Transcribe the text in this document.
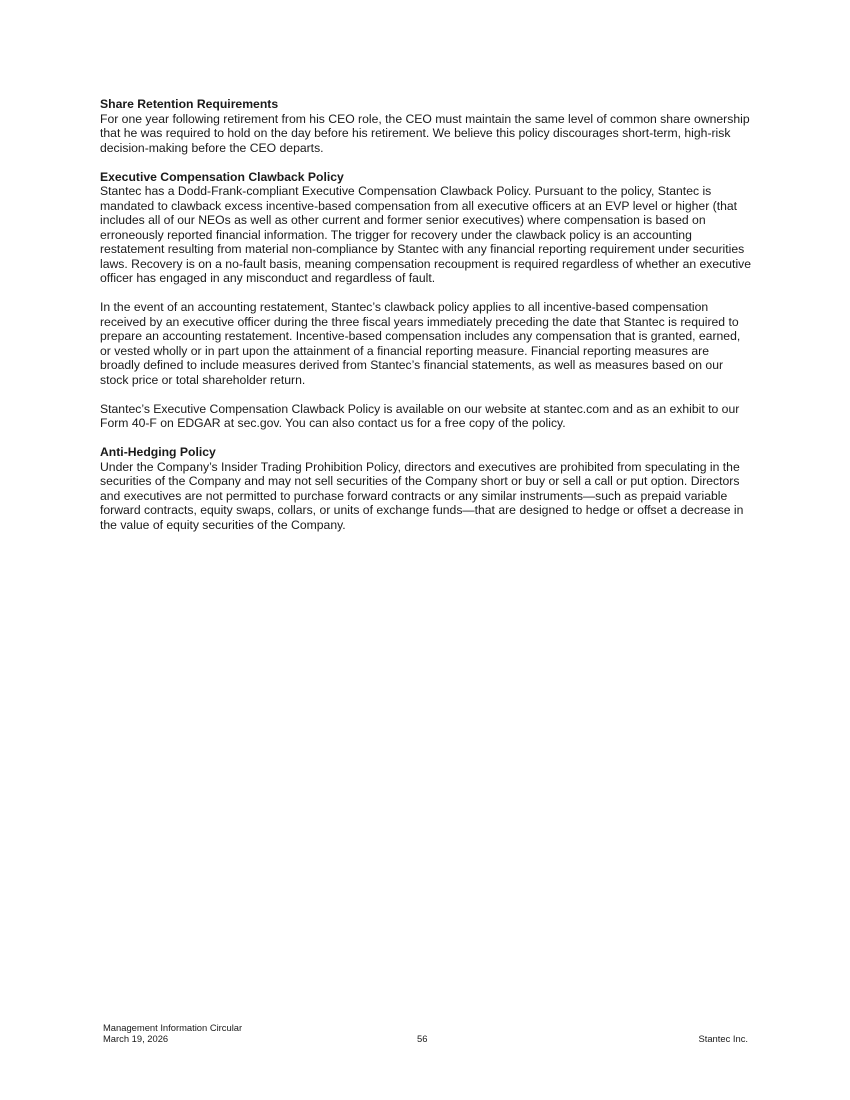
Share Retention Requirements

For one year following retirement from his CEO role, the CEO must maintain the same level of common share ownership that he was required to hold on the day before his retirement. We believe this policy discourages short-term, high-risk decision-making before the CEO departs.

Executive Compensation Clawback Policy

Stantec has a Dodd-Frank-compliant Executive Compensation Clawback Policy. Pursuant to the policy, Stantec is mandated to clawback excess incentive-based compensation from all executive officers at an EVP level or higher (that includes all of our NEOs as well as other current and former senior executives) where compensation is based on erroneously reported financial information. The trigger for recovery under the clawback policy is an accounting restatement resulting from material non-compliance by Stantec with any financial reporting requirement under securities laws. Recovery is on a no-fault basis, meaning compensation recoupment is required regardless of whether an executive officer has engaged in any misconduct and regardless of fault.

In the event of an accounting restatement, Stantec’s clawback policy applies to all incentive-based compensation received by an executive officer during the three fiscal years immediately preceding the date that Stantec is required to prepare an accounting restatement. Incentive-based compensation includes any compensation that is granted, earned, or vested wholly or in part upon the attainment of a financial reporting measure. Financial reporting measures are broadly defined to include measures derived from Stantec’s financial statements, as well as measures based on our stock price or total shareholder return.

Stantec’s Executive Compensation Clawback Policy is available on our website at stantec.com and as an exhibit to our Form 40-F on EDGAR at sec.gov. You can also contact us for a free copy of the policy.

Anti-Hedging Policy

Under the Company’s Insider Trading Prohibition Policy, directors and executives are prohibited from speculating in the securities of the Company and may not sell securities of the Company short or buy or sell a call or put option. Directors and executives are not permitted to purchase forward contracts or any similar instruments—such as prepaid variable forward contracts, equity swaps, collars, or units of exchange funds—that are designed to hedge or offset a decrease in the value of equity securities of the Company.

Management Information Circular
March 19, 2026	56	Stantec Inc.
